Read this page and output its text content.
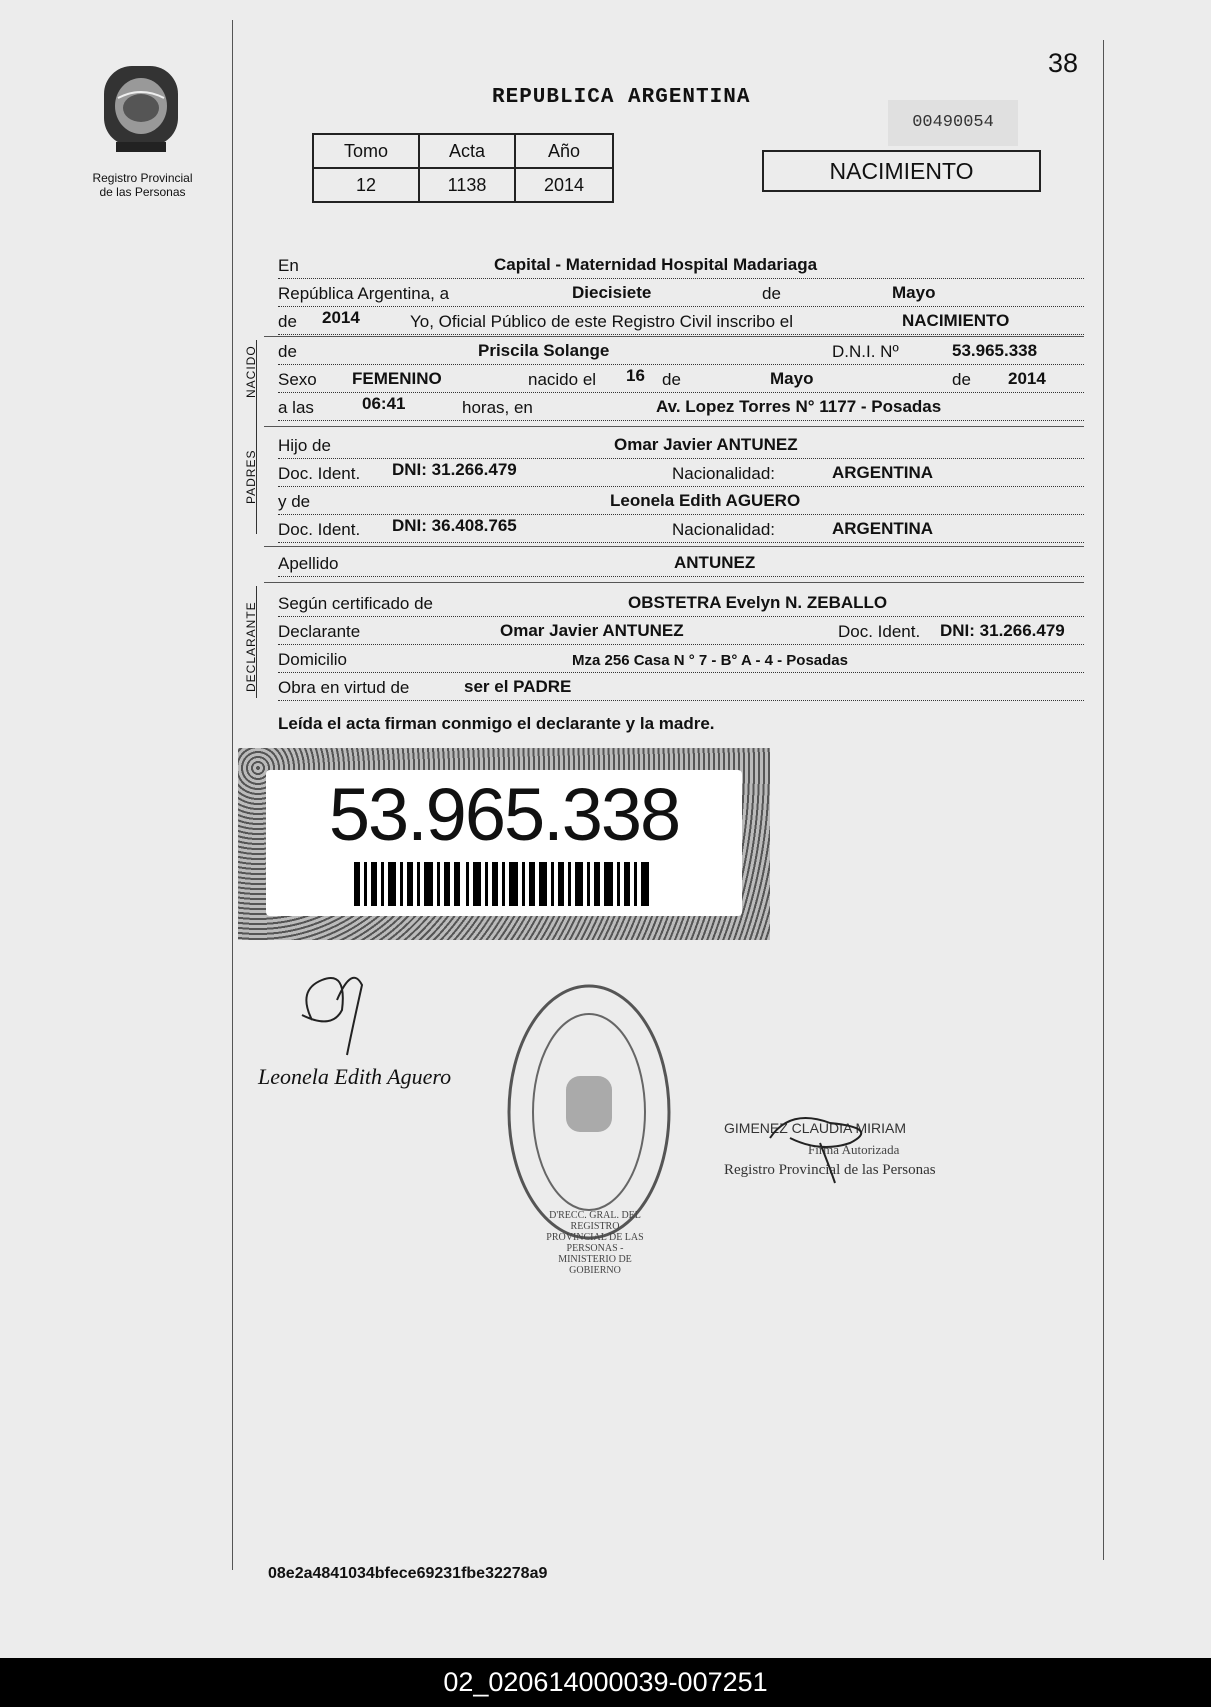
Registro Provincial
de las Personas
38
REPUBLICA ARGENTINA
00490054
Tomo	Acta	Año
12	1138	2014
NACIMIENTO
En	Capital - Maternidad Hospital Madariaga
República Argentina, a	Diecisiete	de	Mayo
de 2014	Yo, Oficial Público de este Registro Civil inscribo el	NACIMIENTO
NACIDO de	Priscila Solange	D.N.I. Nº	53.965.338
Sexo FEMENINO	nacido el 16 de	Mayo	de 2014
a las	06:41	horas, en	Av. Lopez Torres N° 1177 - Posadas
PADRES
Hijo de	Omar Javier ANTUNEZ
Doc. Ident. DNI: 31.266.479	Nacionalidad:	ARGENTINA
y de	Leonela Edith AGUERO
Doc. Ident. DNI: 36.408.765	Nacionalidad:	ARGENTINA
Apellido	ANTUNEZ
DECLARANTE Según certificado de	OBSTETRA Evelyn N. ZEBALLO
Declarante	Omar Javier ANTUNEZ	Doc. Ident. DNI: 31.266.479
Domicilio	Mza 256 Casa N ° 7 - B° A - 4 - Posadas
Obra en virtud de	ser el PADRE
Leída el acta firman conmigo el declarante y la madre.
53.965.338
Leonela Edith Aguero
D'RECC. GRAL. DEL REGISTRO PROVINCIAL DE LAS PERSONAS - MINISTERIO DE GOBIERNO
GIMENEZ CLAUDIA MIRIAM
Firma Autorizada
Registro Provincial de las Personas
08e2a4841034bfece69231fbe32278a9
02_020614000039-007251
